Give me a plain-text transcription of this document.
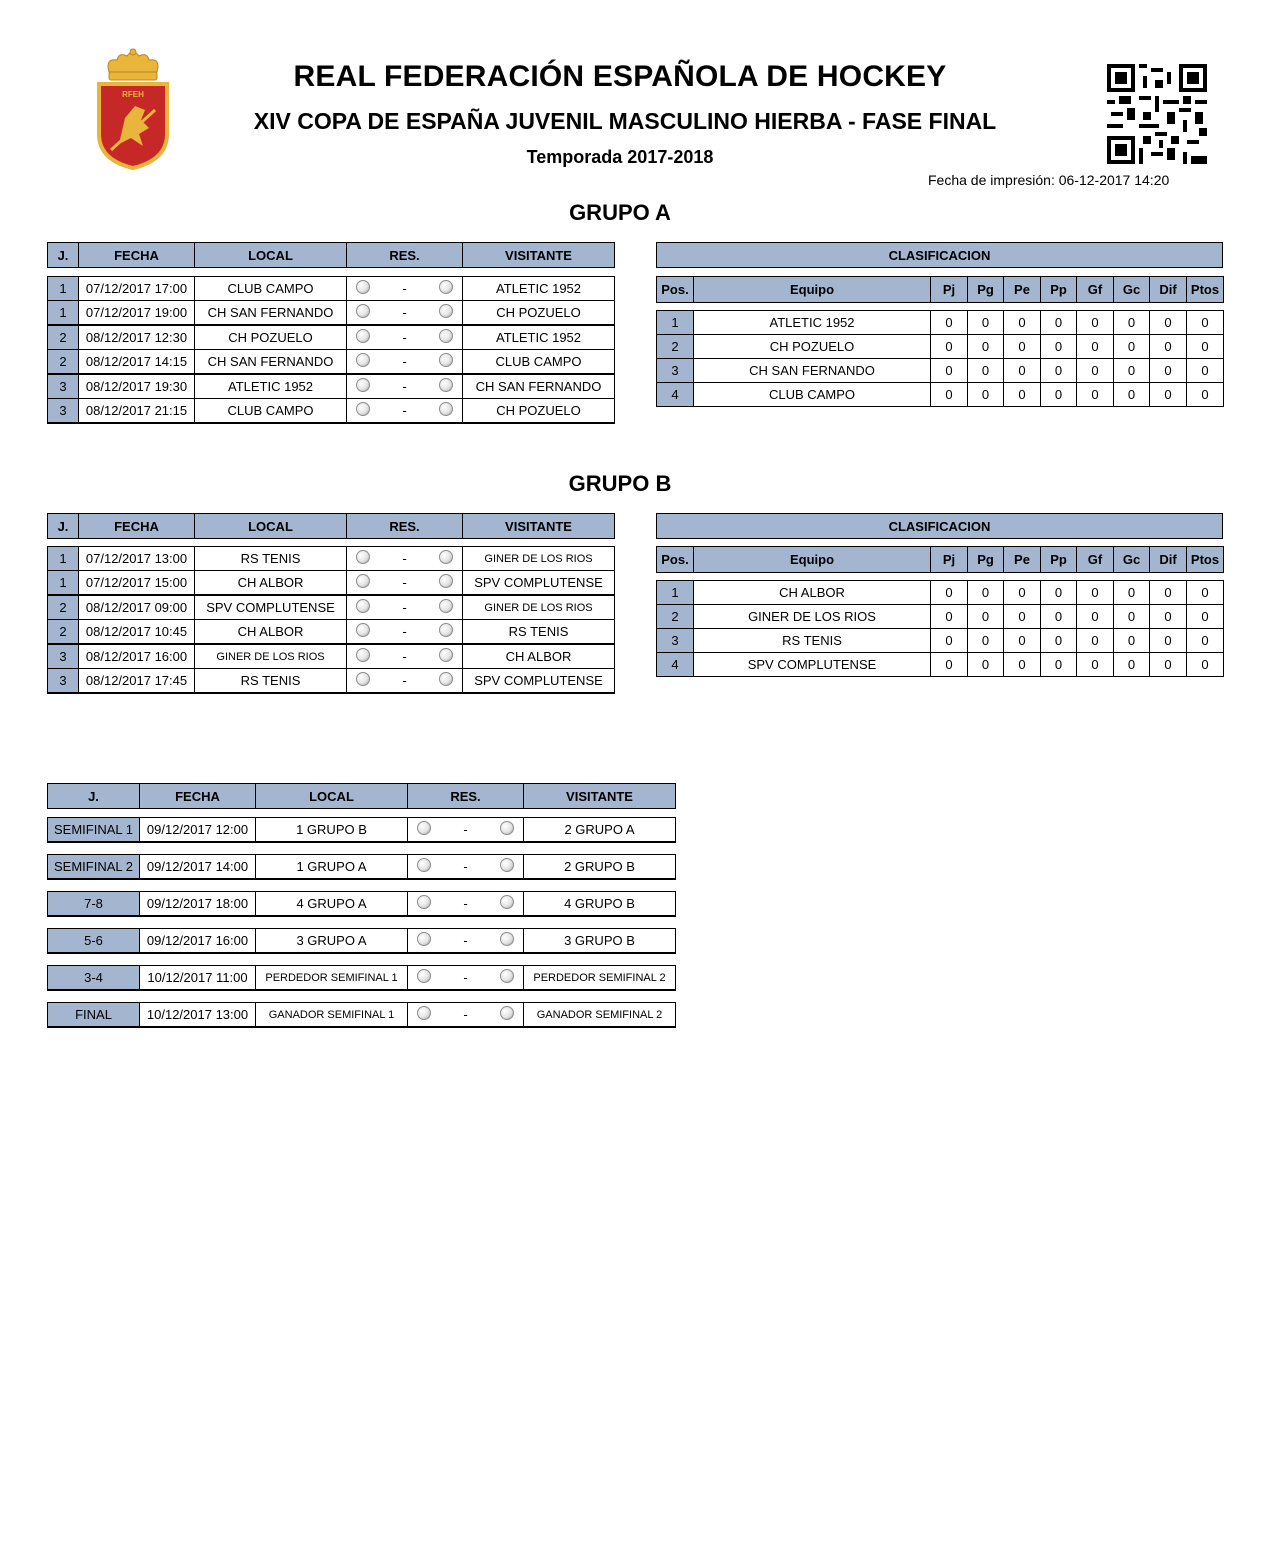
RFEH
REAL FEDERACIÓN ESPAÑOLA DE HOCKEY
XIV COPA DE ESPAÑA JUVENIL MASCULINO HIERBA - FASE FINAL
Temporada 2017-2018
Fecha de impresión: 06-12-2017 14:20
GRUPO A
J.	FECHA	LOCAL	RES.	VISITANTE
1	07/12/2017 17:00	CLUB CAMPO	-	ATLETIC 1952
1	07/12/2017 19:00	CH SAN FERNANDO	-	CH POZUELO
2	08/12/2017 12:30	CH POZUELO	-	ATLETIC 1952
2	08/12/2017 14:15	CH SAN FERNANDO	-	CLUB CAMPO
3	08/12/2017 19:30	ATLETIC 1952	-	CH SAN FERNANDO
3	08/12/2017 21:15	CLUB CAMPO	-	CH POZUELO
CLASIFICACION
Pos.	Equipo	Pj	Pg	Pe	Pp	Gf	Gc	Dif	Ptos
1	ATLETIC 1952	0	0	0	0	0	0	0	0
2	CH POZUELO	0	0	0	0	0	0	0	0
3	CH SAN FERNANDO	0	0	0	0	0	0	0	0
4	CLUB CAMPO	0	0	0	0	0	0	0	0
GRUPO B
J.	FECHA	LOCAL	RES.	VISITANTE
1	07/12/2017 13:00	RS TENIS	-	GINER DE LOS RIOS
1	07/12/2017 15:00	CH ALBOR	-	SPV COMPLUTENSE
2	08/12/2017 09:00	SPV COMPLUTENSE	-	GINER DE LOS RIOS
2	08/12/2017 10:45	CH ALBOR	-	RS TENIS
3	08/12/2017 16:00	GINER DE LOS RIOS	-	CH ALBOR
3	08/12/2017 17:45	RS TENIS	-	SPV COMPLUTENSE
CLASIFICACION
Pos.	Equipo	Pj	Pg	Pe	Pp	Gf	Gc	Dif	Ptos
1	CH ALBOR	0	0	0	0	0	0	0	0
2	GINER DE LOS RIOS	0	0	0	0	0	0	0	0
3	RS TENIS	0	0	0	0	0	0	0	0
4	SPV COMPLUTENSE	0	0	0	0	0	0	0	0
J.	FECHA	LOCAL	RES.	VISITANTE
SEMIFINAL 1	09/12/2017 12:00	1 GRUPO B	-	2 GRUPO A
SEMIFINAL 2	09/12/2017 14:00	1 GRUPO A	-	2 GRUPO B
7-8	09/12/2017 18:00	4 GRUPO A	-	4 GRUPO B
5-6	09/12/2017 16:00	3 GRUPO A	-	3 GRUPO B
3-4	10/12/2017 11:00	PERDEDOR SEMIFINAL 1	-	PERDEDOR SEMIFINAL 2
FINAL	10/12/2017 13:00	GANADOR SEMIFINAL 1	-	GANADOR SEMIFINAL 2
